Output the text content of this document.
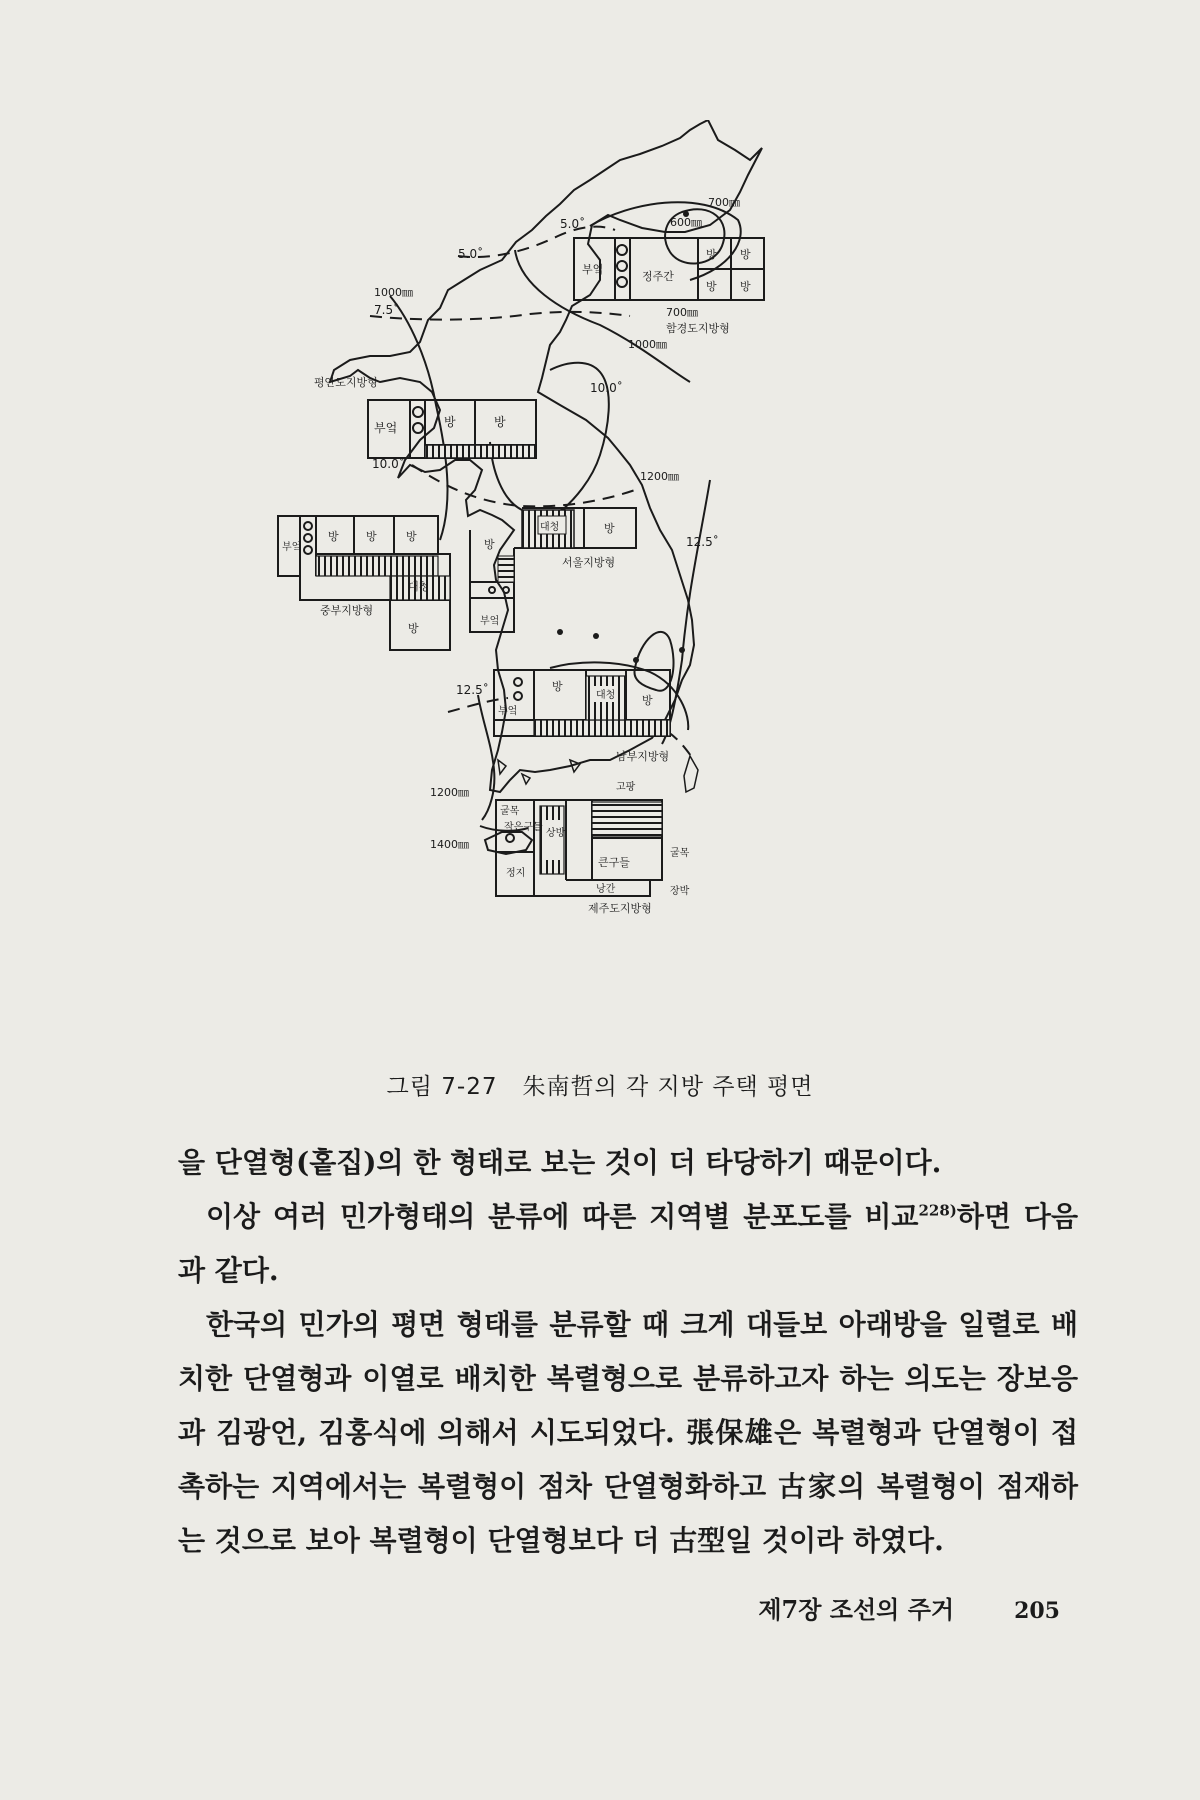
5.0˚
5.0˚
7.5˚
10.0˚
10.0˚
12.5˚
12.5˚
700㎜
600㎜
1000㎜
700㎜
1000㎜
1200㎜
1200㎜
1400㎜
부엌
정주간
방 방
방 방
함경도지방형
부엌	방	방
평안도지방형
부엌
방 방	방
대청
방
중부지방형
대청	방
방
부엌
서울지방형
부엌
방
대청 방
남부지방형
굴목
작은구들
상방
큰구들
정지
굴목
고팡
낭간	장박
제주도지방형
그림 7-27 朱南哲의 각 지방 주택 평면

을 단열형(홑집)의 한 형태로 보는 것이 더 타당하기 때문이다.

이상 여러 민가형태의 분류에 따른 지역별 분포도를 비교$^{228)}$하면 다음 과 같다.

한국의 민가의 평면 형태를 분류할 때 크게 대들보 아래방을 일렬로 배치한 단열형과 이열로 배치한 복렬형으로 분류하고자 하는 의도는 장보응과 김광언, 김홍식에 의해서 시도되었다. 張保雄은 복렬형과 단열형이 접촉하는 지역에서는 복렬형이 점차 단열형화하고 古家의 복렬형이 점재하는 것으로 보아 복렬형이 단열형보다 더 古型일 것이라 하였다.

제7장 조선의 주거	205
